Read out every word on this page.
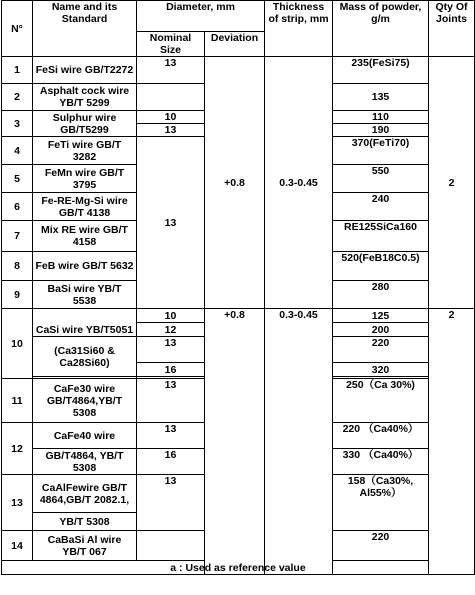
N°	Name and its Standard	Diameter, mm		Thickness of strip, mm	Mass of powder, g/m	Qty Of Joints
		Nominal Size	Deviation			
1	FeSi wire GB/T2272	13	+0.8	0.3-0.45	235(FeSi75)	2
2	Asphalt cock wire YB/T 5299				135	
3	Sulphur wire GB/T5299	10			110	
		13			190	
4	FeTi wire GB/T 3282	13			370(FeTi70)	
5	FeMn wire GB/T 3795				550	
6	Fe-RE-Mg-Si wire GB/T 4138				240	
7	Mix RE wire GB/T 4158				RE125SiCa160	
8	FeB wire GB/T 5632				520(FeB18C0.5)	
9	BaSi wire YB/T 5538				280	
10	CaSi wire YB/T5051	10	+0.8	0.3-0.45	125	2
		12			200	
	(Ca31Si60 & Ca28Si60)	13			220	
		16			320	

11	CaFe30 wire GB/T4864,YB/T 5308	13			250（Ca 30%)	
12	CaFe40 wire	13			220 （Ca40%）	
	GB/T4864, YB/T 5308	16			330 （Ca40%）	
13	CaAlFewire GB/T 4864,GB/T 2082.1,	13			158（Ca30%, Al55%）	
	YB/T 5308					
14	CaBaSi Al wire YB/T 067				220	
a : Used as reference value						
